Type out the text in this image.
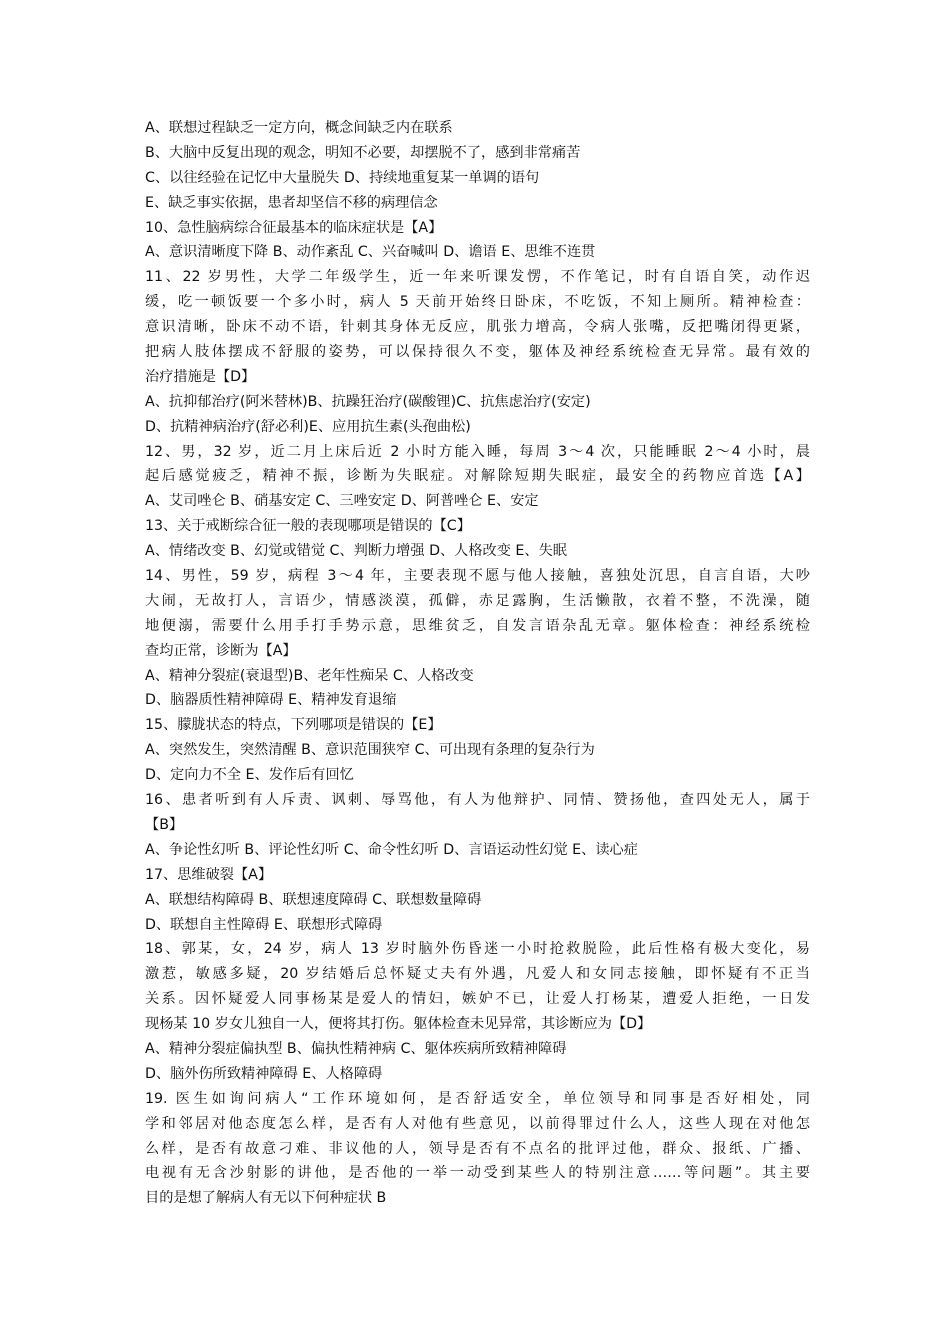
A、联想过程缺乏一定方向，概念间缺乏内在联系
B、大脑中反复出现的观念，明知不必要，却摆脱不了，感到非常痛苦
C、以往经验在记忆中大量脱失 D、持续地重复某一单调的语句
E、缺乏事实依据，患者却坚信不移的病理信念
10、急性脑病综合征最基本的临床症状是【A】
A、意识清晰度下降 B、动作紊乱 C、兴奋喊叫 D、谵语 E、思维不连贯
11、22 岁男性，大学二年级学生，近一年来听课发愣，不作笔记，时有自语自笑，动作迟
缓，吃一顿饭要一个多小时，病人 5 天前开始终日卧床，不吃饭，不知上厕所。精神检查：
意识清晰，卧床不动不语，针刺其身体无反应，肌张力增高，令病人张嘴，反把嘴闭得更紧，
把病人肢体摆成不舒服的姿势，可以保持很久不变，躯体及神经系统检查无异常。最有效的
治疗措施是【D】
A、抗抑郁治疗(阿米替林)B、抗躁狂治疗(碳酸锂)C、抗焦虑治疗(安定)
D、抗精神病治疗(舒必利)E、应用抗生素(头孢曲松)
12、男，32 岁，近二月上床后近 2 小时方能入睡，每周 3～4 次，只能睡眠 2～4 小时，晨
起后感觉疲乏，精神不振，诊断为失眠症。对解除短期失眠症，最安全的药物应首选【A】
A、艾司唑仑 B、硝基安定 C、三唑安定 D、阿普唑仑 E、安定
13、关于戒断综合征一般的表现哪项是错误的【C】
A、情绪改变 B、幻觉或错觉 C、判断力增强 D、人格改变 E、失眠
14、男性，59 岁，病程 3～4 年，主要表现不愿与他人接触，喜独处沉思，自言自语，大吵
大闹，无故打人，言语少，情感淡漠，孤僻，赤足露胸，生活懒散，衣着不整，不洗澡，随
地便溺，需要什么用手打手势示意，思维贫乏，自发言语杂乱无章。躯体检查：神经系统检
查均正常，诊断为【A】
A、精神分裂症(衰退型)B、老年性痴呆 C、人格改变
D、脑器质性精神障碍 E、精神发育退缩
15、朦胧状态的特点，下列哪项是错误的【E】
A、突然发生，突然清醒 B、意识范围狭窄 C、可出现有条理的复杂行为
D、定向力不全 E、发作后有回忆
16、患者听到有人斥责、讽刺、辱骂他，有人为他辩护、同情、赞扬他，查四处无人，属于
【B】
A、争论性幻听 B、评论性幻听 C、命令性幻听 D、言语运动性幻觉 E、读心症
17、思维破裂【A】
A、联想结构障碍 B、联想速度障碍 C、联想数量障碍
D、联想自主性障碍 E、联想形式障碍
18、郭某，女，24 岁，病人 13 岁时脑外伤昏迷一小时抢救脱险，此后性格有极大变化，易
激惹，敏感多疑，20 岁结婚后总怀疑丈夫有外遇，凡爱人和女同志接触，即怀疑有不正当
关系。因怀疑爱人同事杨某是爱人的情妇，嫉妒不已，让爱人打杨某，遭爱人拒绝，一日发
现杨某 10 岁女儿独自一人，便将其打伤。躯体检查未见异常，其诊断应为【D】
A、精神分裂症偏执型 B、偏执性精神病 C、躯体疾病所致精神障碍
D、脑外伤所致精神障碍 E、人格障碍
19. 医生如询问病人“工作环境如何，是否舒适安全，单位领导和同事是否好相处，同
学和邻居对他态度怎么样，是否有人对他有些意见，以前得罪过什么人，这些人现在对他怎
么样，是否有故意刁难、非议他的人，领导是否有不点名的批评过他，群众、报纸、广播、
电视有无含沙射影的讲他，是否他的一举一动受到某些人的特别注意……等问题”。其主要
目的是想了解病人有无以下何种症状 B
